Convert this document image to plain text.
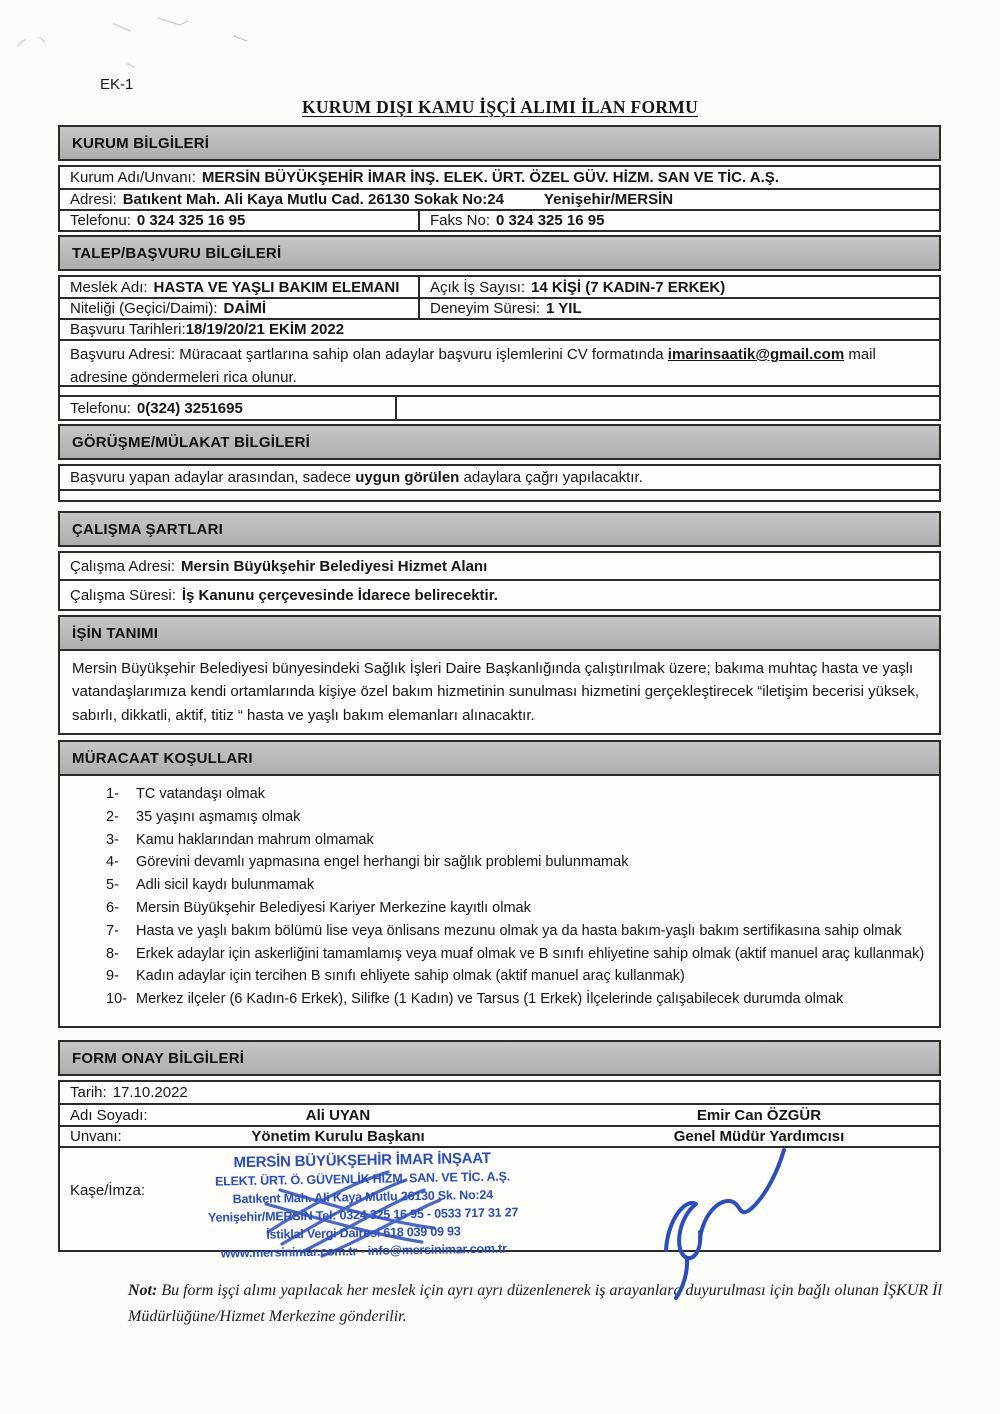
EK-1
KURUM DIŞI KAMU İŞÇİ ALIMI İLAN FORMU
KURUM BİLGİLERİ
Kurum Adı/Unvanı: MERSİN BÜYÜKŞEHİR İMAR İNŞ. ELEK. ÜRT. ÖZEL GÜV. HİZM. SAN VE TİC. A.Ş.
Adresi: Batıkent Mah. Ali Kaya Mutlu Cad. 26130 Sokak No:24	Yenişehir/MERSİN
Telefonu: 0 324 325 16 95	Faks No: 0 324 325 16 95
TALEP/BAŞVURU BİLGİLERİ
Meslek Adı: HASTA VE YAŞLI BAKIM ELEMANI Açık İş Sayısı: 14 KİŞİ (7 KADIN-7 ERKEK)
Niteliği (Geçici/Daimi): DAİMİ	Deneyim Süresi: 1 YIL
Başvuru Tarihleri: 18/19/20/21 EKİM 2022
Başvuru Adresi: Müracaat şartlarına sahip olan adaylar başvuru işlemlerini CV formatında imarinsaatik@gmail.com mail adresine göndermeleri rica olunur.
Telefonu: 0(324) 3251695
GÖRÜŞME/MÜLAKAT BİLGİLERİ
Başvuru yapan adaylar arasından, sadece
uygun görülen
adaylara çağrı yapılacaktır.
ÇALIŞMA ŞARTLARI
Çalışma Adresi: Mersin Büyükşehir Belediyesi Hizmet Alanı
Çalışma Süresi: İş Kanunu çerçevesinde İdarece belirecektir.
İŞİN TANIMI
Mersin Büyükşehir Belediyesi bünyesindeki Sağlık İşleri Daire Başkanlığında çalıştırılmak üzere; bakıma muhtaç hasta ve yaşlı vatandaşlarımıza kendi ortamlarında kişiye özel bakım hizmetinin sunulması hizmetini gerçekleştirecek “iletişim becerisi yüksek, sabırlı, dikkatli, aktif, titiz “ hasta ve yaşlı bakım elemanları alınacaktır.
MÜRACAAT KOŞULLARI
1-	TC vatandaşı olmak
2-	35 yaşını aşmamış olmak
3-	Kamu haklarından mahrum olmamak
4-	Görevini devamlı yapmasına engel herhangi bir sağlık problemi bulunmamak
5-	Adli sicil kaydı bulunmamak
6-	Mersin Büyükşehir Belediyesi Kariyer Merkezine kayıtlı olmak
7-	Hasta ve yaşlı bakım bölümü lise veya önlisans mezunu olmak ya da hasta bakım-yaşlı bakım sertifikasına sahip olmak
8-	Erkek adaylar için askerliğini tamamlamış veya muaf olmak ve B sınıfı ehliyetine sahip olmak (aktif manuel araç kullanmak)
9-	Kadın adaylar için tercihen B sınıfı ehliyete sahip olmak (aktif manuel araç kullanmak)
10- Merkez ilçeler (6 Kadın-6 Erkek), Silifke (1 Kadın) ve Tarsus (1 Erkek) İlçelerinde çalışabilecek durumda olmak
FORM ONAY BİLGİLERİ
Tarih: 17.10.2022
Adı Soyadı:	Ali UYAN	Emir Can ÖZGÜR
Unvanı:	Yönetim Kurulu Başkanı	Genel Müdür Yardımcısı
Kaşe/İmza:
MERSİN BÜYÜKŞEHİR İMAR İNŞAAT
ELEKT. ÜRT. Ö. GÜVENLİK HİZM. SAN. VE TİC. A.Ş.
Batıkent Mah. Ali Kaya Mutlu 26130 Sk. No:24
Yenişehir/MERSİN Tel: 0324 325 16 95 - 0533 717 31 27
İstiklal Vergi Dairesi 618 039 09 93
www.mersinimar.com.tr - info@mersinimar.com.tr
Not: Bu form işçi alımı yapılacak her meslek için ayrı ayrı düzenlenerek iş arayanlara duyurulması için bağlı olunan İŞKUR İl Müdürlüğüne/Hizmet Merkezine gönderilir.
